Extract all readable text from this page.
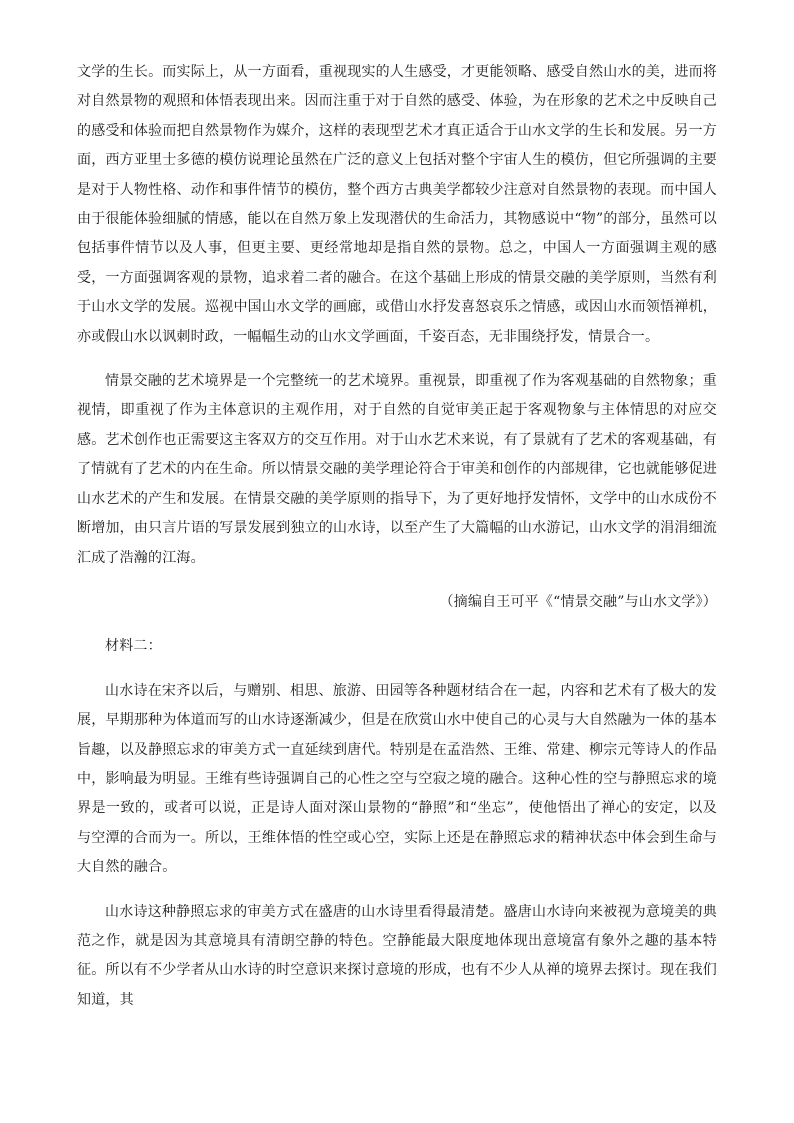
文学的生长。而实际上，从一方面看，重视现实的人生感受，才更能领略、感受自然山水的美，进而将对自然景物的观照和体悟表现出来。因而注重于对于自然的感受、体验，为在形象的艺术之中反映自己的感受和体验而把自然景物作为媒介，这样的表现型艺术才真正适合于山水文学的生长和发展。另一方面，西方亚里士多德的模仿说理论虽然在广泛的意义上包括对整个宇宙人生的模仿，但它所强调的主要是对于人物性格、动作和事件情节的模仿，整个西方古典美学都较少注意对自然景物的表现。而中国人由于很能体验细腻的情感，能以在自然万象上发现潜伏的生命活力，其物感说中“物”的部分，虽然可以包括事件情节以及人事，但更主要、更经常地却是指自然的景物。总之，中国人一方面强调主观的感受，一方面强调客观的景物，追求着二者的融合。在这个基础上形成的情景交融的美学原则，当然有利于山水文学的发展。巡视中国山水文学的画廊，或借山水抒发喜怒哀乐之情感，或因山水而领悟禅机，亦或假山水以讽刺时政，一幅幅生动的山水文学画面，千姿百态，无非围绕抒发，情景合一。

情景交融的艺术境界是一个完整统一的艺术境界。重视景，即重视了作为客观基础的自然物象；重视情，即重视了作为主体意识的主观作用，对于自然的自觉审美正起于客观物象与主体情思的对应交感。艺术创作也正需要这主客双方的交互作用。对于山水艺术来说，有了景就有了艺术的客观基础，有了情就有了艺术的内在生命。所以情景交融的美学理论符合于审美和创作的内部规律，它也就能够促进山水艺术的产生和发展。在情景交融的美学原则的指导下，为了更好地抒发情怀，文学中的山水成份不断增加，由只言片语的写景发展到独立的山水诗，以至产生了大篇幅的山水游记，山水文学的涓涓细流汇成了浩瀚的江海。

（摘编自王可平《“情景交融”与山水文学》）

材料二：

山水诗在宋齐以后，与赠别、相思、旅游、田园等各种题材结合在一起，内容和艺术有了极大的发展，早期那种为体道而写的山水诗逐渐减少，但是在欣赏山水中使自己的心灵与大自然融为一体的基本旨趣，以及静照忘求的审美方式一直延续到唐代。特别是在孟浩然、王维、常建、柳宗元等诗人的作品中，影响最为明显。王维有些诗强调自己的心性之空与空寂之境的融合。这种心性的空与静照忘求的境界是一致的，或者可以说，正是诗人面对深山景物的“静照”和“坐忘”，使他悟出了禅心的安定，以及与空潭的合而为一。所以，王维体悟的性空或心空，实际上还是在静照忘求的精神状态中体会到生命与大自然的融合。

山水诗这种静照忘求的审美方式在盛唐的山水诗里看得最清楚。盛唐山水诗向来被视为意境美的典范之作，就是因为其意境具有清朗空静的特色。空静能最大限度地体现出意境富有象外之趣的基本特征。所以有不少学者从山水诗的时空意识来探讨意境的形成，也有不少人从禅的境界去探讨。现在我们知道，其
